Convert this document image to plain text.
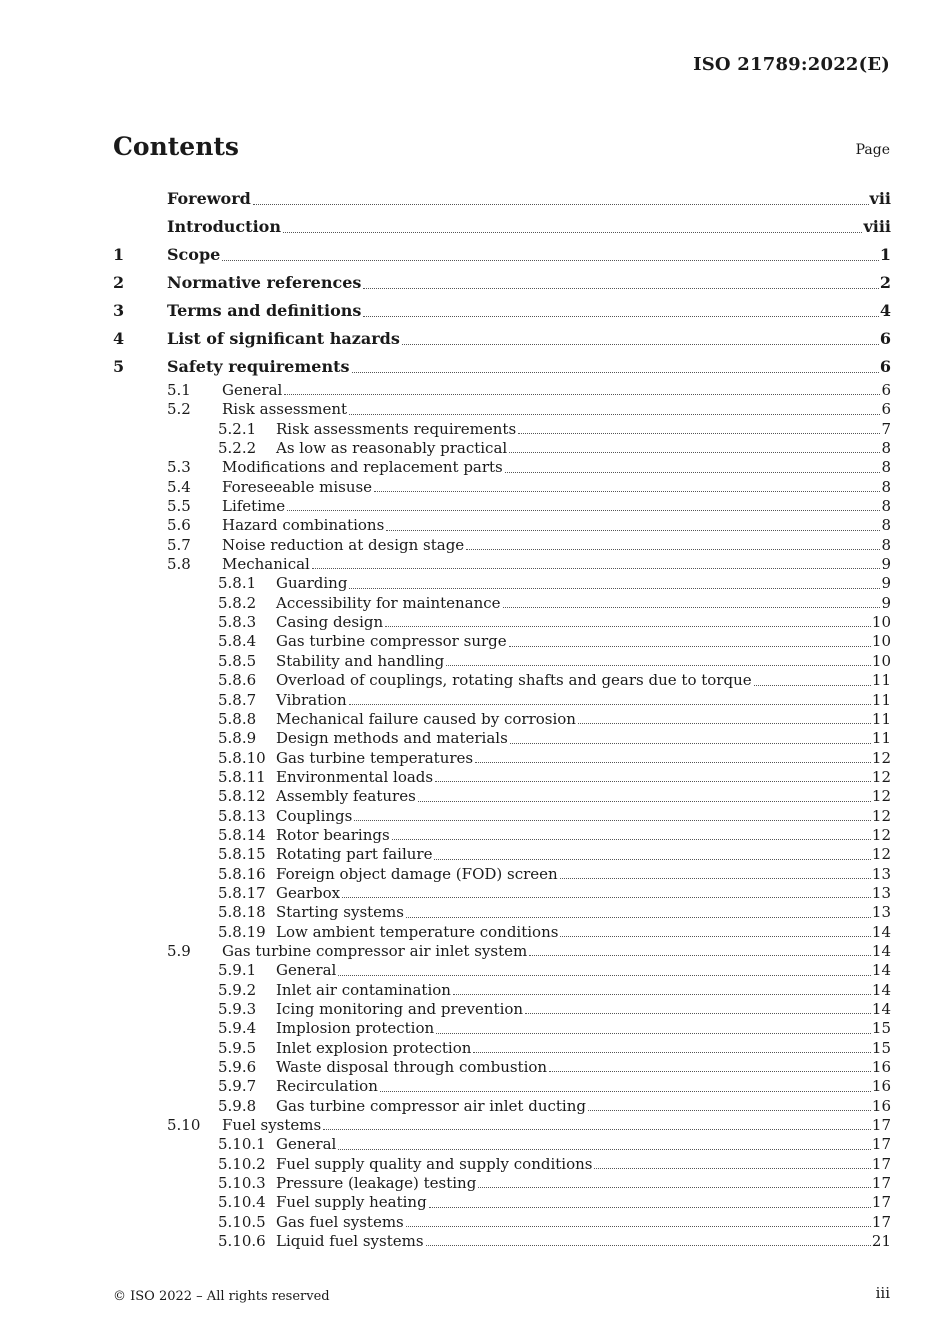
ISO 21789:2022(E)
Contents	Page
Foreword	vii
Introduction	viii
1	Scope	1
2	Normative references	2
3	Terms and definitions	4
4	List of significant hazards	6
5	Safety requirements	6
5.1	General	6
5.2	Risk assessment	6
5.2.1	Risk assessments requirements	7
5.2.2	As low as reasonably practical	8
5.3	Modifications and replacement parts	8
5.4	Foreseeable misuse	8
5.5	Lifetime	8
5.6	Hazard combinations	8
5.7	Noise reduction at design stage	8
5.8	Mechanical	9
5.8.1	Guarding	9
5.8.2	Accessibility for maintenance	9
5.8.3	Casing design	10
5.8.4	Gas turbine compressor surge	10
5.8.5	Stability and handling	10
5.8.6	Overload of couplings, rotating shafts and gears due to torque	11
5.8.7	Vibration	11
5.8.8	Mechanical failure caused by corrosion	11
5.8.9	Design methods and materials	11
5.8.10 Gas turbine temperatures	12
5.8.11 Environmental loads	12
5.8.12 Assembly features	12
5.8.13 Couplings	12
5.8.14 Rotor bearings	12
5.8.15 Rotating part failure	12
5.8.16 Foreign object damage (FOD) screen	13
5.8.17 Gearbox	13
5.8.18 Starting systems	13
5.8.19 Low ambient temperature conditions	14
5.9	Gas turbine compressor air inlet system	14
5.9.1	General	14
5.9.2	Inlet air contamination	14
5.9.3	Icing monitoring and prevention	14
5.9.4	Implosion protection	15
5.9.5	Inlet explosion protection	15
5.9.6	Waste disposal through combustion	16
5.9.7	Recirculation	16
5.9.8	Gas turbine compressor air inlet ducting	16
5.10	Fuel systems	17
5.10.1 General	17
5.10.2 Fuel supply quality and supply conditions	17
5.10.3 Pressure (leakage) testing	17
5.10.4 Fuel supply heating	17
5.10.5 Gas fuel systems	17
5.10.6 Liquid fuel systems	21
© ISO 2022 – All rights reserved	iii
